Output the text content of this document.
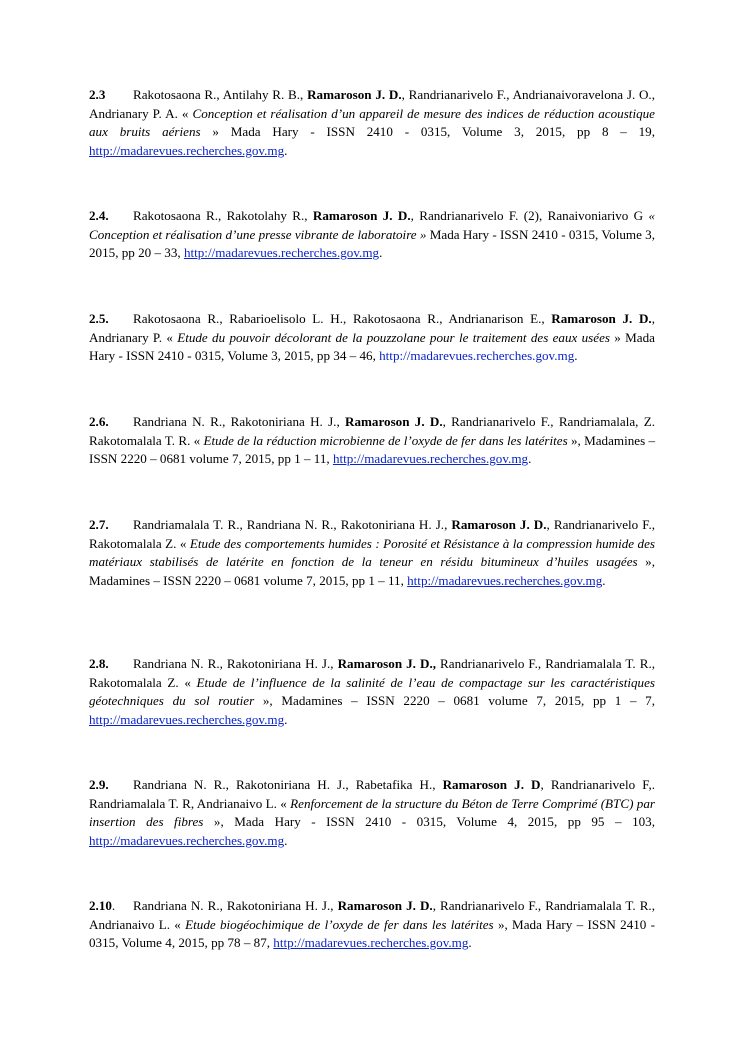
2.3 Rakotosaona R., Antilahy R. B., Ramaroson J. D., Randrianarivelo F., Andrianaivoravelona J. O., Andrianary P. A. « Conception et réalisation d’un appareil de mesure des indices de réduction acoustique aux bruits aériens » Mada Hary - ISSN 2410 - 0315, Volume 3, 2015, pp 8 – 19, http://madarevues.recherches.gov.mg.
2.4. Rakotosaona R., Rakotolahy R., Ramaroson J. D., Randrianarivelo F. (2), Ranaivoniarivo G « Conception et réalisation d’une presse vibrante de laboratoire » Mada Hary - ISSN 2410 - 0315, Volume 3, 2015, pp 20 – 33, http://madarevues.recherches.gov.mg.
2.5. Rakotosaona R., Rabarioelisolo L. H., Rakotosaona R., Andrianarison E., Ramaroson J. D., Andrianary P. « Etude du pouvoir décolorant de la pouzzolane pour le traitement des eaux usées » Mada Hary - ISSN 2410 - 0315, Volume 3, 2015, pp 34 – 46, http://madarevues.recherches.gov.mg.
2.6. Randriana N. R., Rakotoniriana H. J., Ramaroson J. D., Randrianarivelo F., Randriamalala, Z. Rakotomalala T. R. « Etude de la réduction microbienne de l’oxyde de fer dans les latérites », Madamines – ISSN 2220 – 0681 volume 7, 2015, pp 1 – 11, http://madarevues.recherches.gov.mg.
2.7. Randriamalala T. R., Randriana N. R., Rakotoniriana H. J., Ramaroson J. D., Randrianarivelo F., Rakotomalala Z. « Etude des comportements humides : Porosité et Résistance à la compression humide des matériaux stabilisés de latérite en fonction de la teneur en résidu bitumineux d’huiles usagées », Madamines – ISSN 2220 – 0681 volume 7, 2015, pp 1 – 11, http://madarevues.recherches.gov.mg.
2.8. Randriana N. R., Rakotoniriana H. J., Ramaroson J. D., Randrianarivelo F., Randriamalala T. R., Rakotomalala Z. « Etude de l’influence de la salinité de l’eau de compactage sur les caractéristiques géotechniques du sol routier », Madamines – ISSN 2220 – 0681 volume 7, 2015, pp 1 – 7, http://madarevues.recherches.gov.mg.
2.9. Randriana N. R., Rakotoniriana H. J., Rabetafika H., Ramaroson J. D, Randrianarivelo F,. Randriamalala T. R, Andrianaivo L. « Renforcement de la structure du Béton de Terre Comprimé (BTC) par insertion des fibres », Mada Hary - ISSN 2410 - 0315, Volume 4, 2015, pp 95 – 103, http://madarevues.recherches.gov.mg.
2.10. Randriana N. R., Rakotoniriana H. J., Ramaroson J. D., Randrianarivelo F., Randriamalala T. R., Andrianaivo L. « Etude biogéochimique de l’oxyde de fer dans les latérites », Mada Hary – ISSN 2410 - 0315, Volume 4, 2015, pp 78 – 87, http://madarevues.recherches.gov.mg.
